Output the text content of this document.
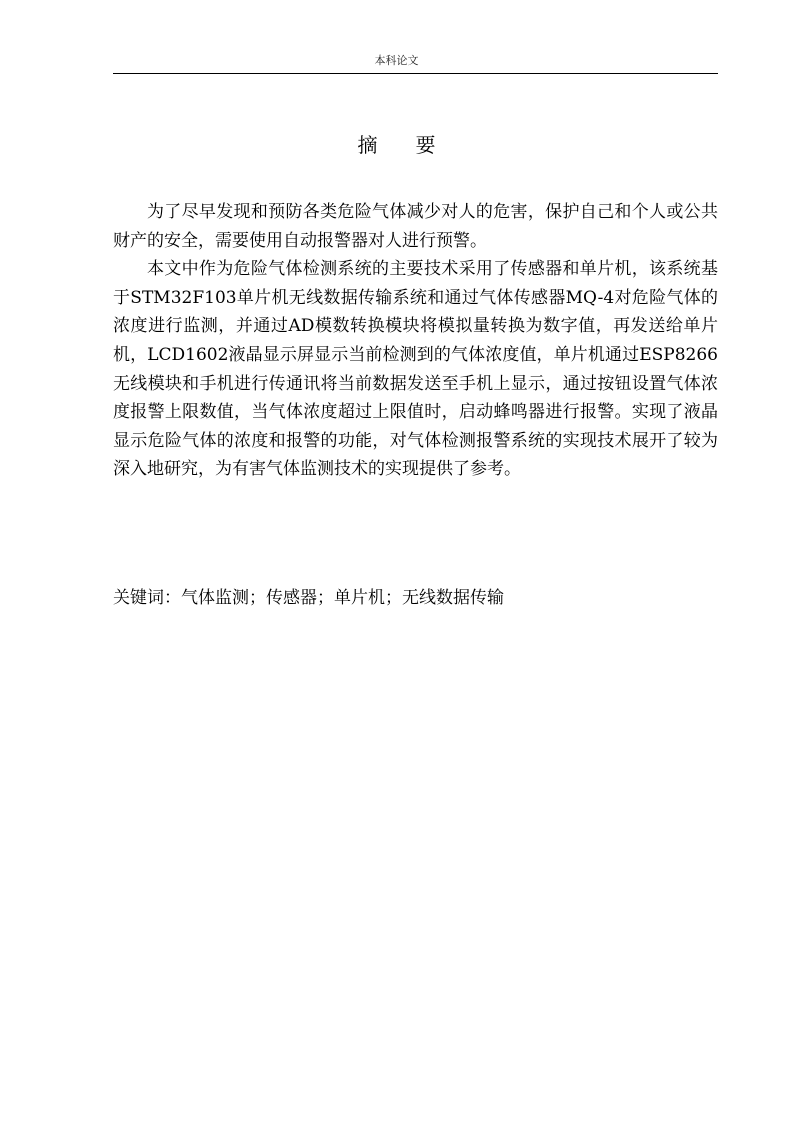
本科论文
摘要

为了尽早发现和预防各类危险气体减少对人的危害，保护自己和个人或公共财产的安全，需要使用自动报警器对人进行预警。

本文中作为危险气体检测系统的主要技术采用了传感器和单片机，该系统基于STM32F103单片机无线数据传输系统和通过气体传感器MQ-4对危险气体的浓度进行监测，并通过AD模数转换模块将模拟量转换为数字值，再发送给单片机，LCD1602液晶显示屏显示当前检测到的气体浓度值，单片机通过ESP8266无线模块和手机进行传通讯将当前数据发送至手机上显示，通过按钮设置气体浓度报警上限数值，当气体浓度超过上限值时，启动蜂鸣器进行报警。实现了液晶显示危险气体的浓度和报警的功能，对气体检测报警系统的实现技术展开了较为深入地研究，为有害气体监测技术的实现提供了参考。

关键词：气体监测；传感器；单片机；无线数据传输
